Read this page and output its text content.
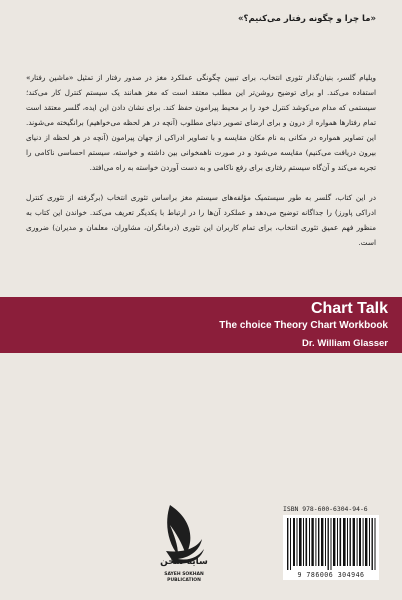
«ما چرا و چگونه رفتار می‌کنیم؟»

ویلیام گلسر، بنیان‌گذار تئوری انتخاب، برای تبیین چگونگی عملکرد مغز در صدور رفتار از تمثیل «ماشین رفتار» استفاده می‌کند. او برای توضیح روشن‌تر این مطلب معتقد است که مغز همانند یک سیستم کنترل کار می‌کند؛ سیستمی که مدام می‌کوشد کنترل خود را بر محیط پیرامون حفظ کند. برای نشان دادن این ایده، گلسر معتقد است تمام رفتارها همواره از درون و برای ارضای تصویر دنیای مطلوب (آنچه در هر لحظه می‌خواهیم) برانگیخته می‌شوند. این تصاویر همواره در مکانی به نام مکان مقایسه و با تصاویر ادراکی از جهان پیرامون (آنچه در هر لحظه از دنیای بیرون دریافت می‌کنیم) مقایسه می‌شود و در صورت ناهمخوانی بین داشته و خواسته، سیستم احساسی ناکامی را تجربه می‌کند و آن‌گاه سیستم رفتاری برای رفع ناکامی و به دست آوردن خواسته به راه می‌افتد.

در این کتاب، گلسر به طور سیستمیک مؤلفه‌های سیستم مغز براساس تئوری انتخاب (برگرفته از تئوری کنترل ادراکی پاورز) را جداگانه توضیح می‌دهد و عملکرد آن‌ها را در ارتباط با یکدیگر تعریف می‌کند. خواندن این کتاب به منظور فهم عمیق تئوری انتخاب، برای تمام کاربران این تئوری (درمانگران، مشاوران، معلمان و مدیران) ضروری است.

Chart Talk
The choice Theory Chart Workbook
Dr. William Glasser
سایه سخن
SAYEH SOKHAN
PUBLICATION
ISBN 978-600-6304-94-6
9 786006 304946
